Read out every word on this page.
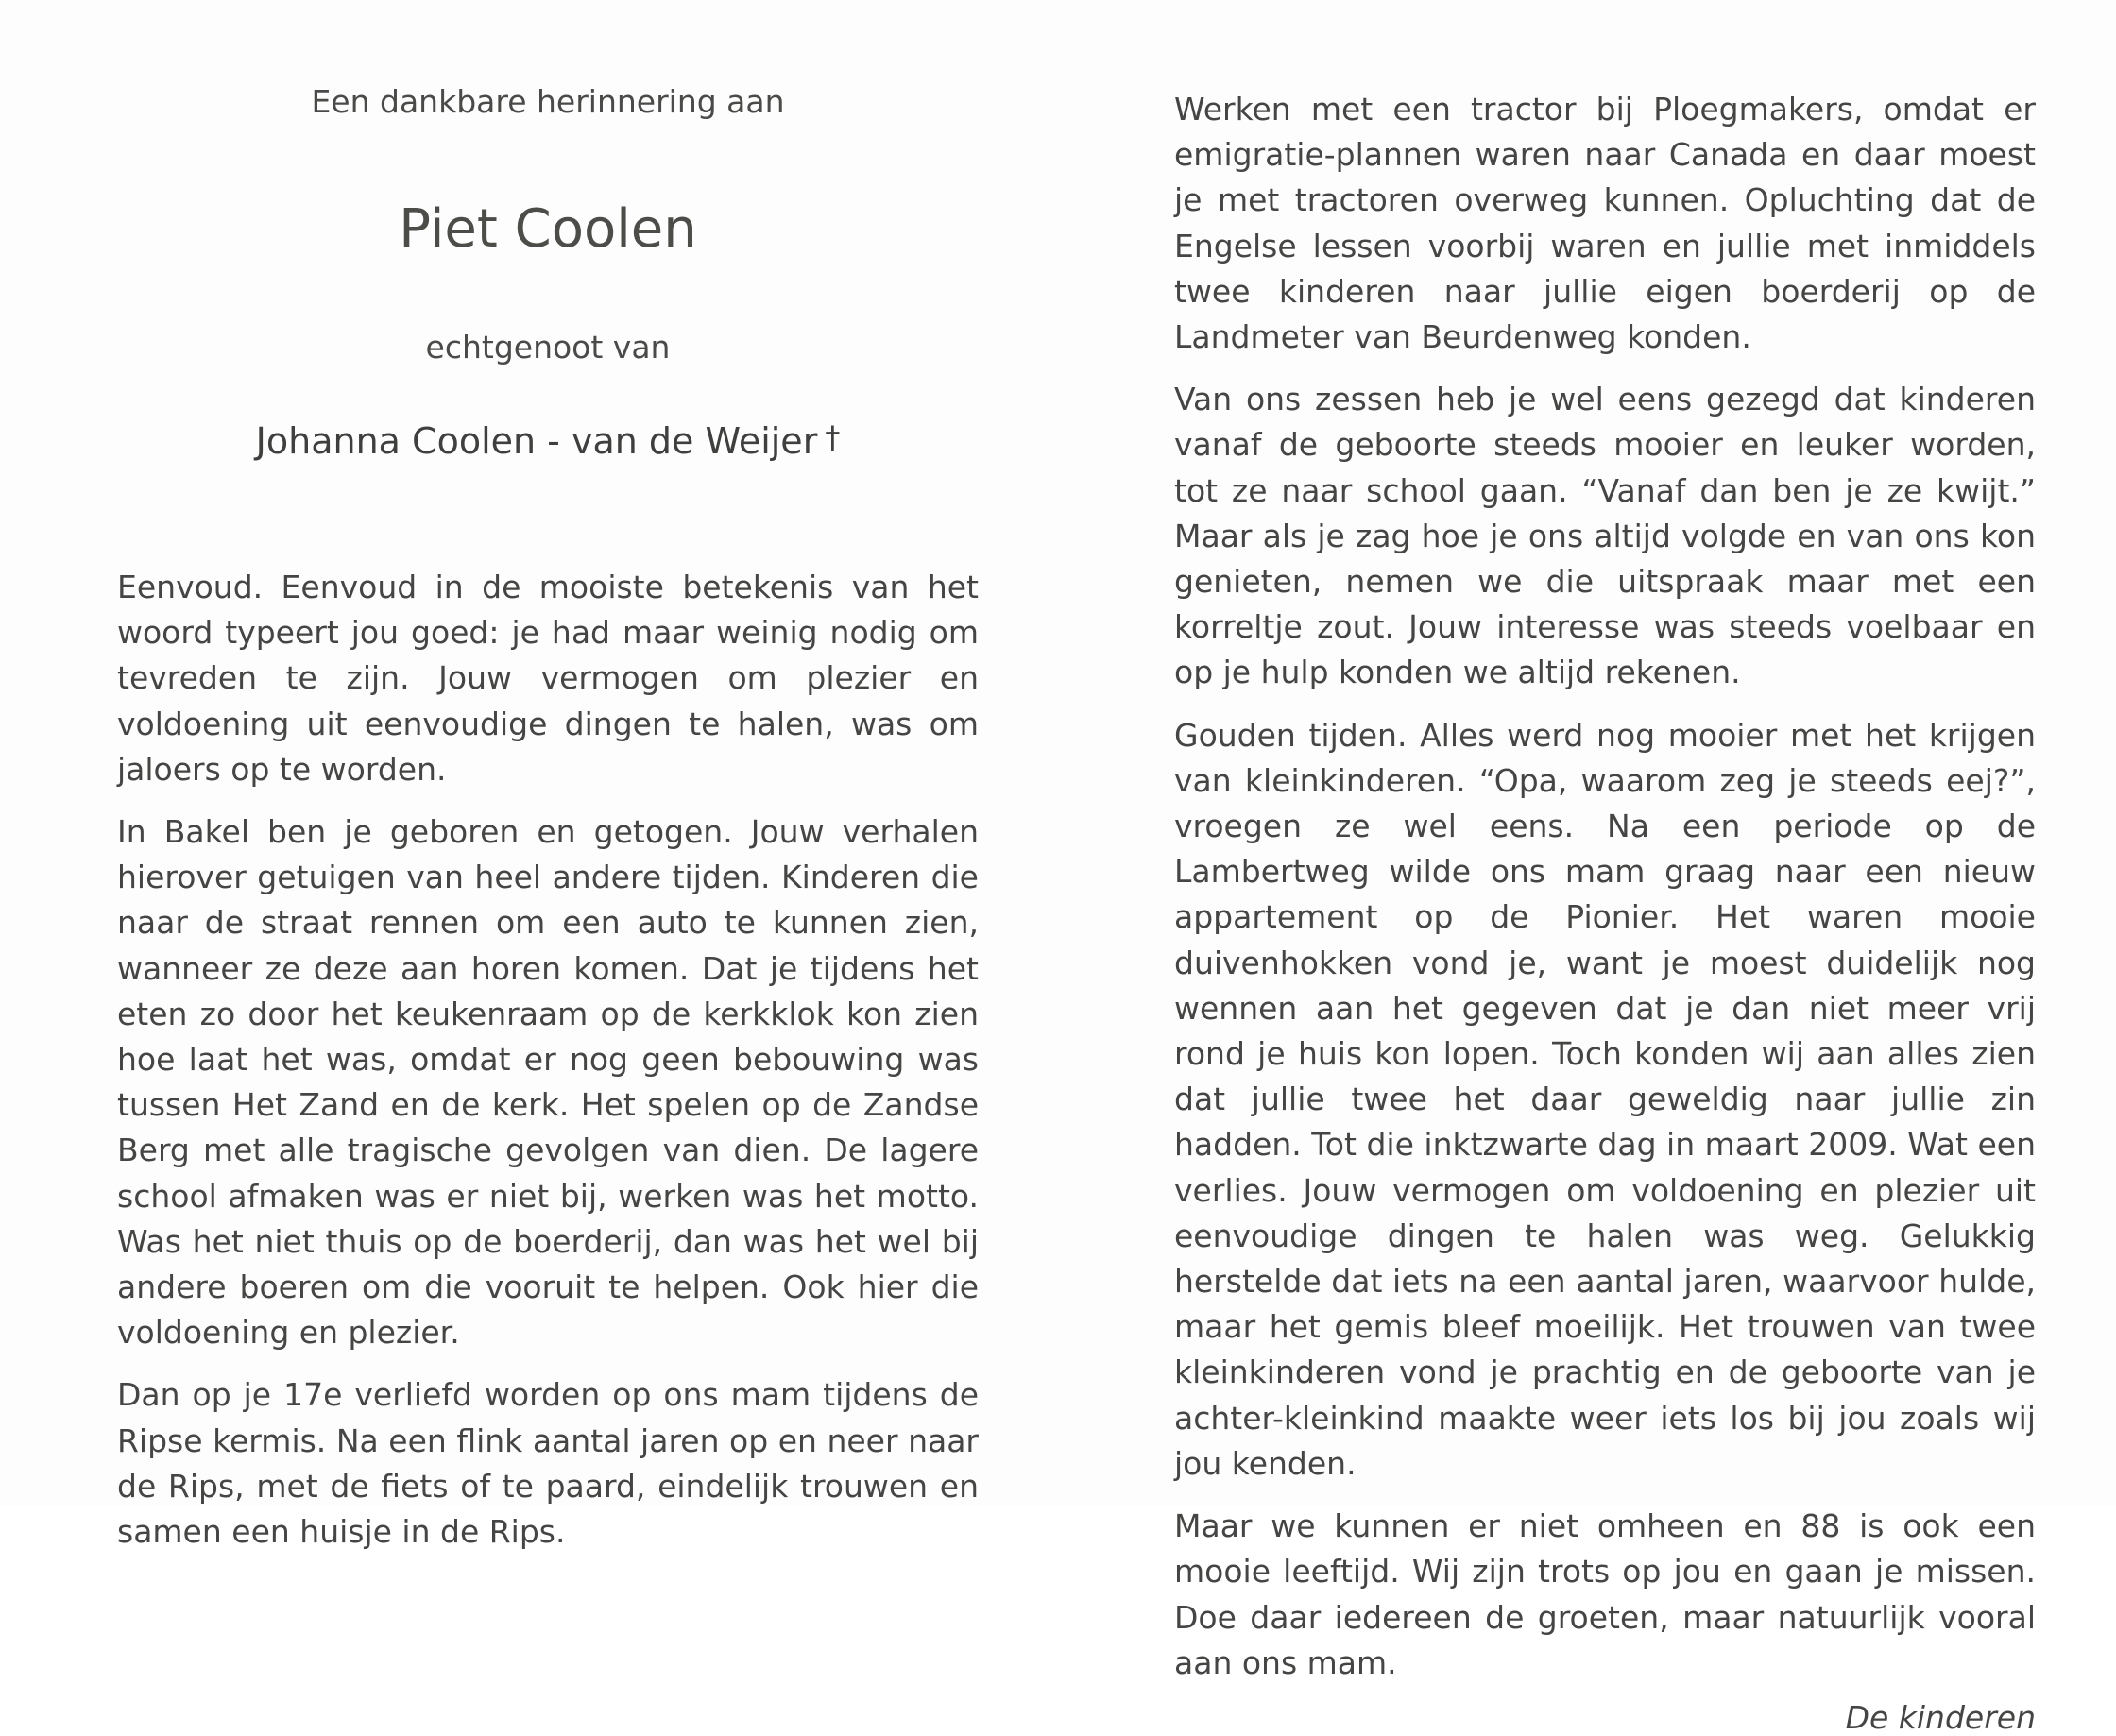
Een dankbare herinnering aan
Piet Coolen
echtgenoot van
Johanna Coolen - van de Weijer †

Eenvoud. Eenvoud in de mooiste betekenis van het woord typeert jou goed: je had maar weinig nodig om tevreden te zijn. Jouw vermogen om plezier en voldoening uit eenvoudige dingen te halen, was om jaloers op te worden.

In Bakel ben je geboren en getogen. Jouw verhalen hierover getuigen van heel andere tijden. Kinderen die naar de straat rennen om een auto te kunnen zien, wanneer ze deze aan horen komen. Dat je tijdens het eten zo door het keukenraam op de kerkklok kon zien hoe laat het was, omdat er nog geen bebouwing was tussen Het Zand en de kerk. Het spelen op de Zandse Berg met alle tragische gevolgen van dien. De lagere school afmaken was er niet bij, werken was het motto. Was het niet thuis op de boerderij, dan was het wel bij andere boeren om die vooruit te helpen. Ook hier die voldoening en plezier.

Dan op je 17e verliefd worden op ons mam tijdens de Ripse kermis. Na een flink aantal jaren op en neer naar de Rips, met de fiets of te paard, eindelijk trouwen en samen een huisje in de Rips.

Werken met een tractor bij Ploegmakers, omdat er emigratie-plannen waren naar Canada en daar moest je met tractoren overweg kunnen. Opluchting dat de Engelse lessen voorbij waren en jullie met inmiddels twee kinderen naar jullie eigen boerderij op de Landmeter van Beurdenweg konden.

Van ons zessen heb je wel eens gezegd dat kinderen vanaf de geboorte steeds mooier en leuker worden, tot ze naar school gaan. “Vanaf dan ben je ze kwijt.” Maar als je zag hoe je ons altijd volgde en van ons kon genieten, nemen we die uitspraak maar met een korreltje zout. Jouw interesse was steeds voelbaar en op je hulp konden we altijd rekenen.

Gouden tijden. Alles werd nog mooier met het krijgen van kleinkinderen. “Opa, waarom zeg je steeds eej?”, vroegen ze wel eens. Na een periode op de Lambertweg wilde ons mam graag naar een nieuw appartement op de Pionier. Het waren mooie duivenhokken vond je, want je moest duidelijk nog wennen aan het gegeven dat je dan niet meer vrij rond je huis kon lopen. Toch konden wij aan alles zien dat jullie twee het daar geweldig naar jullie zin hadden. Tot die inktzwarte dag in maart 2009. Wat een verlies. Jouw vermogen om voldoening en plezier uit eenvoudige dingen te halen was weg. Gelukkig herstelde dat iets na een aantal jaren, waarvoor hulde, maar het gemis bleef moeilijk. Het trouwen van twee kleinkinderen vond je prachtig en de geboorte van je achter-kleinkind maakte weer iets los bij jou zoals wij jou kenden.

Maar we kunnen er niet omheen en 88 is ook een mooie leeftijd. Wij zijn trots op jou en gaan je missen. Doe daar iedereen de groeten, maar natuurlijk vooral aan ons mam.

De kinderen
